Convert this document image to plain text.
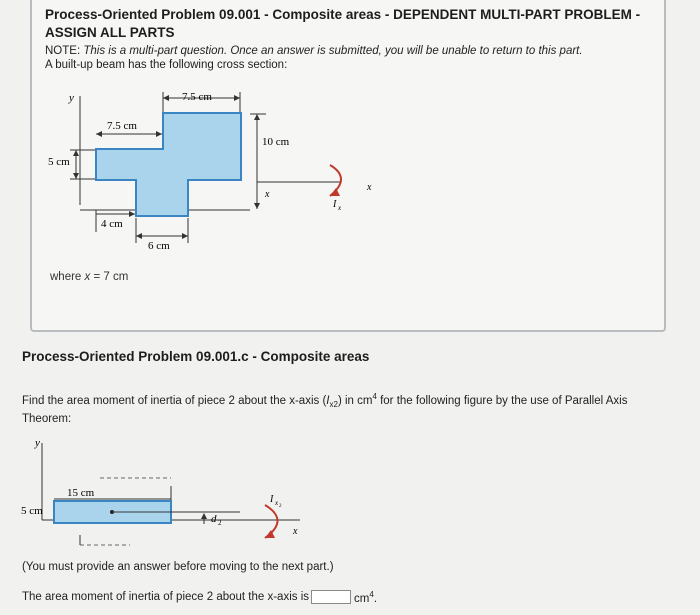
Process-Oriented Problem 09.001 - Composite areas - DEPENDENT MULTI-PART PROBLEM - ASSIGN ALL PARTS
NOTE: This is a multi-part question. Once an answer is submitted, you will be unable to return to this part.
A built-up beam has the following cross section:
y	7.5 cm
7.5 cm
10 cm
x
5 cm
4 cm
6 cm
x
I x
y
15 cm
5 cm
d 2
I x 2
x
where x = 7 cm
Process-Oriented Problem 09.001.c - Composite areas
Find the area moment of inertia of piece 2 about the x-axis $(I_{x2})$ in $cm^4$ for the following figure by the use of Parallel Axis Theorem:
(You must provide an answer before moving to the next part.)
The area moment of inertia of piece 2 about the x-axis is	$cm^4$.
